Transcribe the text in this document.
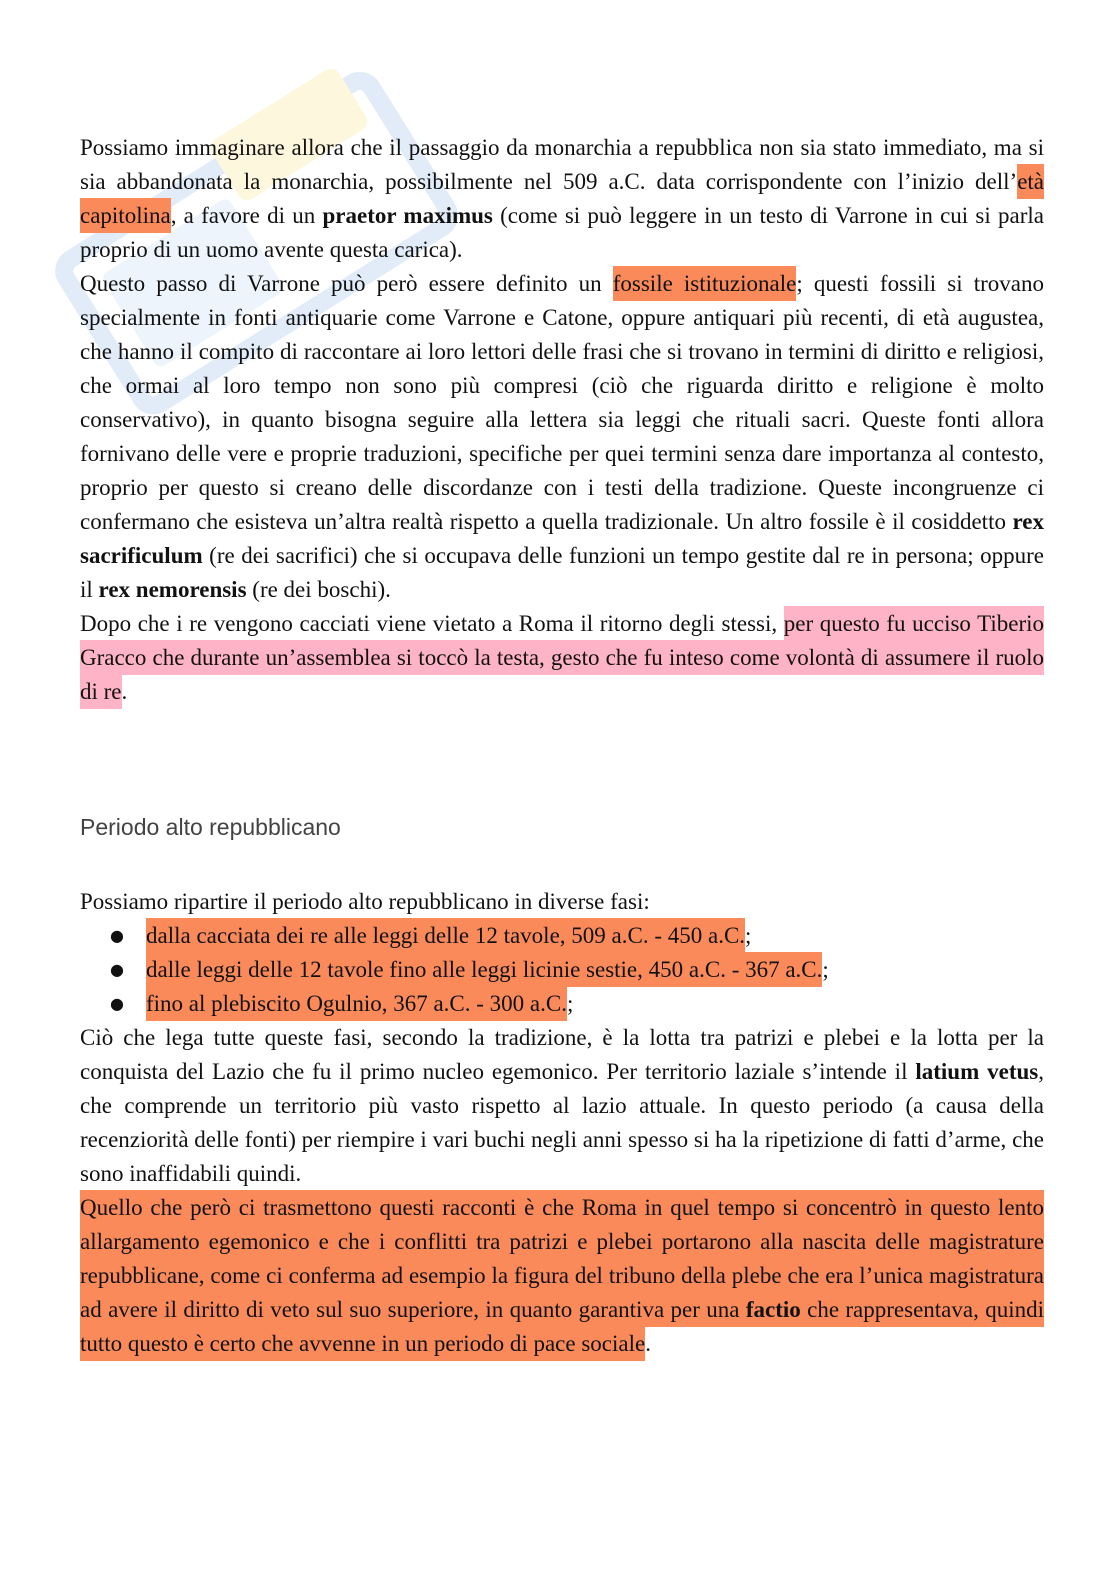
Possiamo immaginare allora che il passaggio da monarchia a repubblica non sia stato immediato, ma si sia abbandonata la monarchia, possibilmente nel 509 a.C. data corrispondente con l’inizio dell’età capitolina, a favore di un praetor maximus (come si può leggere in un testo di Varrone in cui si parla proprio di un uomo avente questa carica).

Questo passo di Varrone può però essere definito un fossile istituzionale; questi fossili si trovano specialmente in fonti antiquarie come Varrone e Catone, oppure antiquari più recenti, di età augustea, che hanno il compito di raccontare ai loro lettori delle frasi che si trovano in termini di diritto e religiosi, che ormai al loro tempo non sono più compresi (ciò che riguarda diritto e religione è molto conservativo), in quanto bisogna seguire alla lettera sia leggi che rituali sacri. Queste fonti allora fornivano delle vere e proprie traduzioni, specifiche per quei termini senza dare importanza al contesto, proprio per questo si creano delle discordanze con i testi della tradizione. Queste incongruenze ci confermano che esisteva un’altra realtà rispetto a quella tradizionale. Un altro fossile è il cosiddetto rex sacrificulum (re dei sacrifici) che si occupava delle funzioni un tempo gestite dal re in persona; oppure il rex nemorensis (re dei boschi).

Dopo che i re vengono cacciati viene vietato a Roma il ritorno degli stessi, per questo fu ucciso Tiberio Gracco che durante un’assemblea si toccò la testa, gesto che fu inteso come volontà di assumere il ruolo di re.

Periodo alto repubblicano

Possiamo ripartire il periodo alto repubblicano in diverse fasi:

● dalla cacciata dei re alle leggi delle 12 tavole, 509 a.C. - 450 a.C.;
● dalle leggi delle 12 tavole fino alle leggi licinie sestie, 450 a.C. - 367 a.C.;
● fino al plebiscito Ogulnio, 367 a.C. - 300 a.C.;

Ciò che lega tutte queste fasi, secondo la tradizione, è la lotta tra patrizi e plebei e la lotta per la conquista del Lazio che fu il primo nucleo egemonico. Per territorio laziale s’intende il latium vetus, che comprende un territorio più vasto rispetto al lazio attuale. In questo periodo (a causa della recenziorità delle fonti) per riempire i vari buchi negli anni spesso si ha la ripetizione di fatti d’arme, che sono inaffidabili quindi.

Quello che però ci trasmettono questi racconti è che Roma in quel tempo si concentrò in questo lento allargamento egemonico e che i conflitti tra patrizi e plebei portarono alla nascita delle magistrature repubblicane, come ci conferma ad esempio la figura del tribuno della plebe che era l’unica magistratura ad avere il diritto di veto sul suo superiore, in quanto garantiva per una factio che rappresentava, quindi tutto questo è certo che avvenne in un periodo di pace sociale.
